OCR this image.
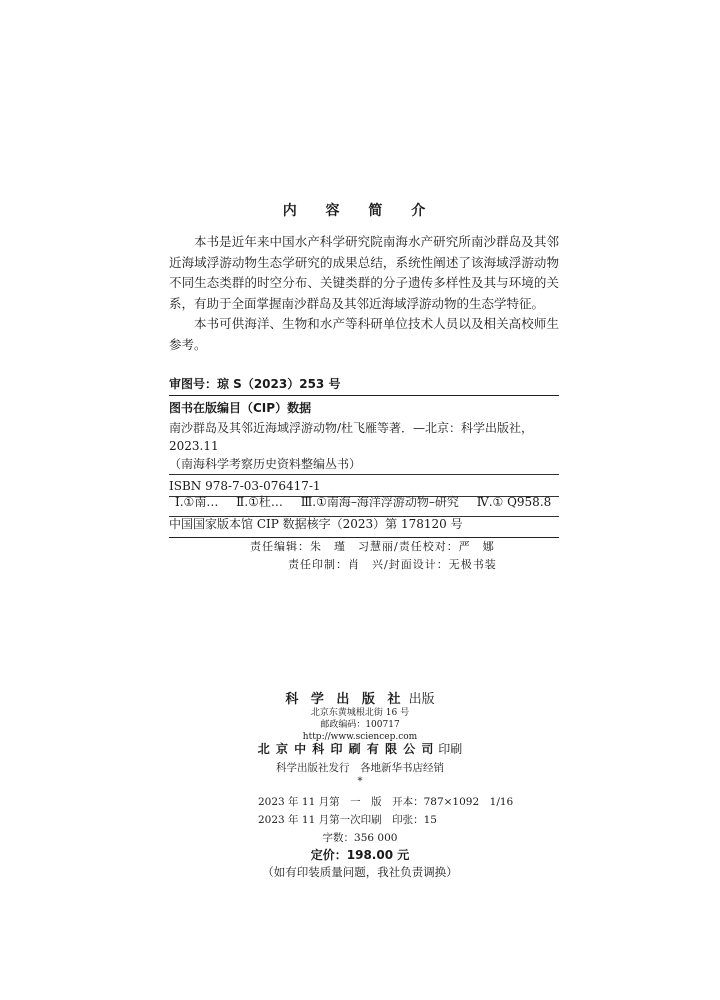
内 容 简 介

本书是近年来中国水产科学研究院南海水产研究所南沙群岛及其邻近海域浮游动物生态学研究的成果总结，系统性阐述了该海域浮游动物不同生态类群的时空分布、关键类群的分子遗传多样性及其与环境的关系，有助于全面掌握南沙群岛及其邻近海域浮游动物的生态学特征。

本书可供海洋、生物和水产等科研单位技术人员以及相关高校师生参考。

审图号：琼 S（2023）253 号
图书在版编目（CIP）数据
南沙群岛及其邻近海域浮游动物/杜飞雁等著．—北京：科学出版社，
2023.11
（南海科学考察历史资料整编丛书）
ISBN 978-7-03-076417-1
Ⅰ.①南… Ⅱ.①杜… Ⅲ.①南海–海洋浮游动物–研究 Ⅳ.① Q958.8
中国国家版本馆 CIP 数据核字（2023）第 178120 号
责任编辑：朱　瑾　习慧丽/责任校对：严　娜
责任印制：肖　兴/封面设计：无极书装
科 学 出 版 社 出版
北京东黄城根北街 16 号
邮政编码：100717
http://www.sciencep.com
北 京 中 科 印 刷 有 限 公 司 印刷
科学出版社发行　各地新华书店经销
*
2023 年 11 月第　一　版　开本：787×1092　1/16
2023 年 11 月第一次印刷　印张：15
字数：356 000
定价：198.00 元
（如有印装质量问题，我社负责调换）
